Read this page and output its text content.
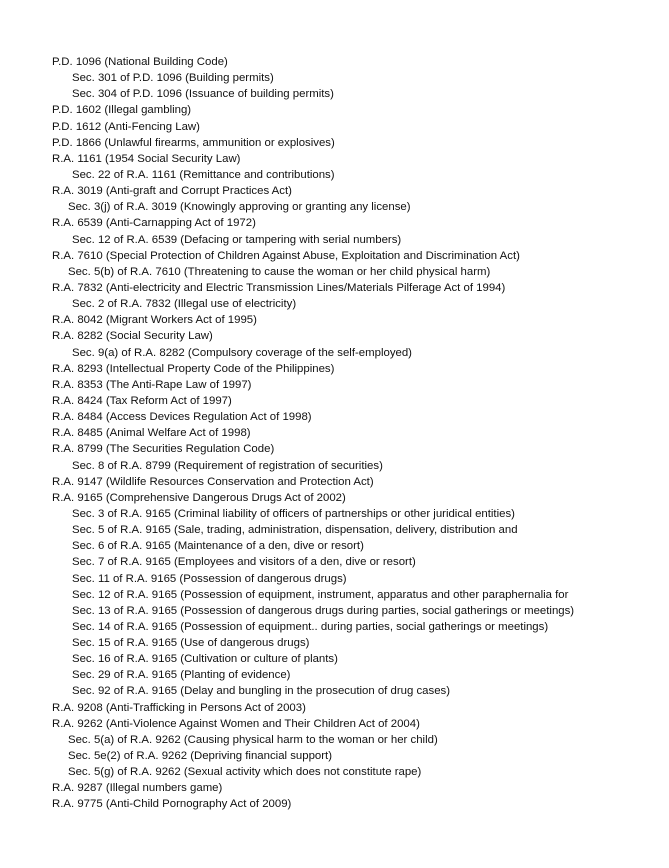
P.D. 1096 (National Building Code)
Sec. 301 of P.D. 1096 (Building permits)
Sec. 304 of P.D. 1096 (Issuance of building permits)
P.D. 1602 (Illegal gambling)
P.D. 1612 (Anti-Fencing Law)
P.D. 1866 (Unlawful firearms, ammunition or explosives)
R.A. 1161 (1954 Social Security Law)
Sec. 22 of R.A. 1161 (Remittance and contributions)
R.A. 3019 (Anti-graft and Corrupt Practices Act)
Sec. 3(j) of R.A. 3019 (Knowingly approving or granting any license)
R.A. 6539 (Anti-Carnapping Act of 1972)
Sec. 12 of R.A. 6539 (Defacing or tampering with serial numbers)
R.A. 7610 (Special Protection of Children Against Abuse, Exploitation and Discrimination Act)
Sec. 5(b) of R.A. 7610 (Threatening to cause the woman or her child physical harm)
R.A. 7832 (Anti-electricity and Electric Transmission Lines/Materials Pilferage Act of 1994)
Sec. 2 of R.A. 7832 (Illegal use of electricity)
R.A. 8042 (Migrant Workers Act of 1995)
R.A. 8282 (Social Security Law)
Sec. 9(a) of R.A. 8282 (Compulsory coverage of the self-employed)
R.A. 8293 (Intellectual Property Code of the Philippines)
R.A. 8353 (The Anti-Rape Law of 1997)
R.A. 8424 (Tax Reform Act of 1997)
R.A. 8484 (Access Devices Regulation Act of 1998)
R.A. 8485 (Animal Welfare Act of 1998)
R.A. 8799 (The Securities Regulation Code)
Sec. 8 of R.A. 8799 (Requirement of registration of securities)
R.A. 9147 (Wildlife Resources Conservation and Protection Act)
R.A. 9165 (Comprehensive Dangerous Drugs Act of 2002)
Sec. 3 of R.A. 9165 (Criminal liability of officers of partnerships or other juridical entities)
Sec. 5 of R.A. 9165 (Sale, trading, administration, dispensation, delivery, distribution and
Sec. 6 of R.A. 9165 (Maintenance of a den, dive or resort)
Sec. 7 of R.A. 9165 (Employees and visitors of a den, dive or resort)
Sec. 11 of R.A. 9165 (Possession of dangerous drugs)
Sec. 12 of R.A. 9165 (Possession of equipment, instrument, apparatus and other paraphernalia for
Sec. 13 of R.A. 9165 (Possession of dangerous drugs during parties, social gatherings or meetings)
Sec. 14 of R.A. 9165 (Possession of equipment.. during parties, social gatherings or meetings)
Sec. 15 of R.A. 9165 (Use of dangerous drugs)
Sec. 16 of R.A. 9165 (Cultivation or culture of plants)
Sec. 29 of R.A. 9165 (Planting of evidence)
Sec. 92 of R.A. 9165 (Delay and bungling in the prosecution of drug cases)
R.A. 9208 (Anti-Trafficking in Persons Act of 2003)
R.A. 9262 (Anti-Violence Against Women and Their Children Act of 2004)
Sec. 5(a) of R.A. 9262 (Causing physical harm to the woman or her child)
Sec. 5e(2) of R.A. 9262 (Depriving financial support)
Sec. 5(g) of R.A. 9262 (Sexual activity which does not constitute rape)
R.A. 9287 (Illegal numbers game)
R.A. 9775 (Anti-Child Pornography Act of 2009)
